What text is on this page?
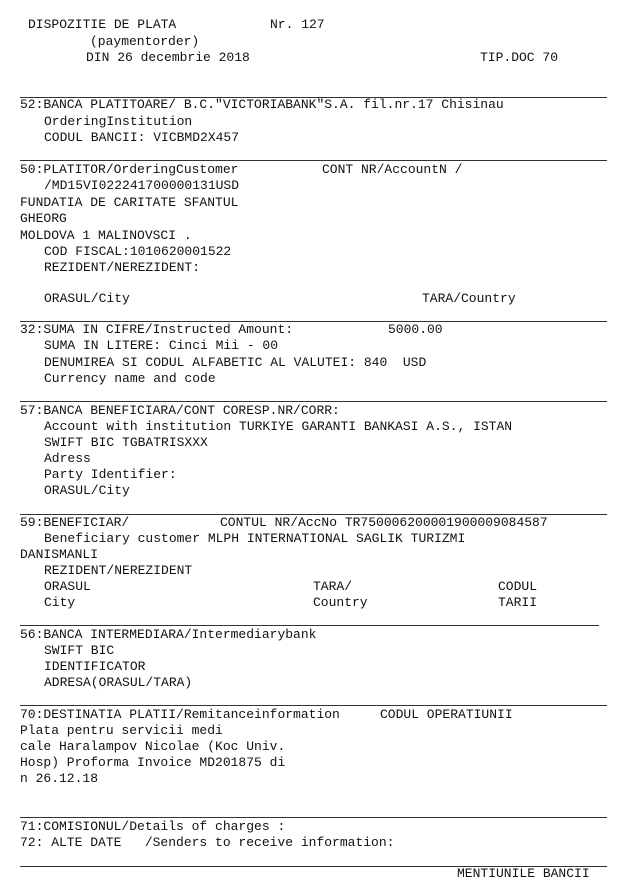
DISPOZITIE DE PLATA	Nr. 127
(paymentorder)
DIN 26 decembrie 2018	TIP.DOC 70
52:BANCA PLATITOARE/ B.C."VICTORIABANK"S.A. fil.nr.17 Chisinau
OrderingInstitution
CODUL BANCII: VICBMD2X457
50:PLATITOR/OrderingCustomer	CONT NR/AccountN /
/MD15VI022241700000131USD
FUNDATIA DE CARITATE SFANTUL
GHEORG
MOLDOVA 1 MALINOVSCI .
COD FISCAL:1010620001522
REZIDENT/NEREZIDENT:
ORASUL/City	TARA/Country
32:SUMA IN CIFRE/Instructed Amount:	5000.00
SUMA IN LITERE: Cinci Mii - 00
DENUMIREA SI CODUL ALFABETIC AL VALUTEI: 840  USD
Currency name and code
57:BANCA BENEFICIARA/CONT CORESP.NR/CORR:
Account with institution TURKIYE GARANTI BANKASI A.S., ISTAN
SWIFT BIC TGBATRISXXX
Adress
Party Identifier:
ORASUL/City
59:BENEFICIAR/	CONTUL NR/AccNo TR750006200001900009084587
Beneficiary customer MLPH INTERNATIONAL SAGLIK TURIZMI
DANISMANLI
REZIDENT/NEREZIDENT
ORASUL	TARA/	CODUL
City	Country	TARII
56:BANCA INTERMEDIARA/Intermediarybank
SWIFT BIC
IDENTIFICATOR
ADRESA(ORASUL/TARA)
70:DESTINATIA PLATII/Remitanceinformation	CODUL OPERATIUNII
Plata pentru servicii medi
cale Haralampov Nicolae (Koc Univ.
Hosp) Proforma Invoice MD201875 di
n 26.12.18
71:COMISIONUL/Details of charges :
72: ALTE DATE   /Senders to receive information:
MENTIUNILE BANCII
